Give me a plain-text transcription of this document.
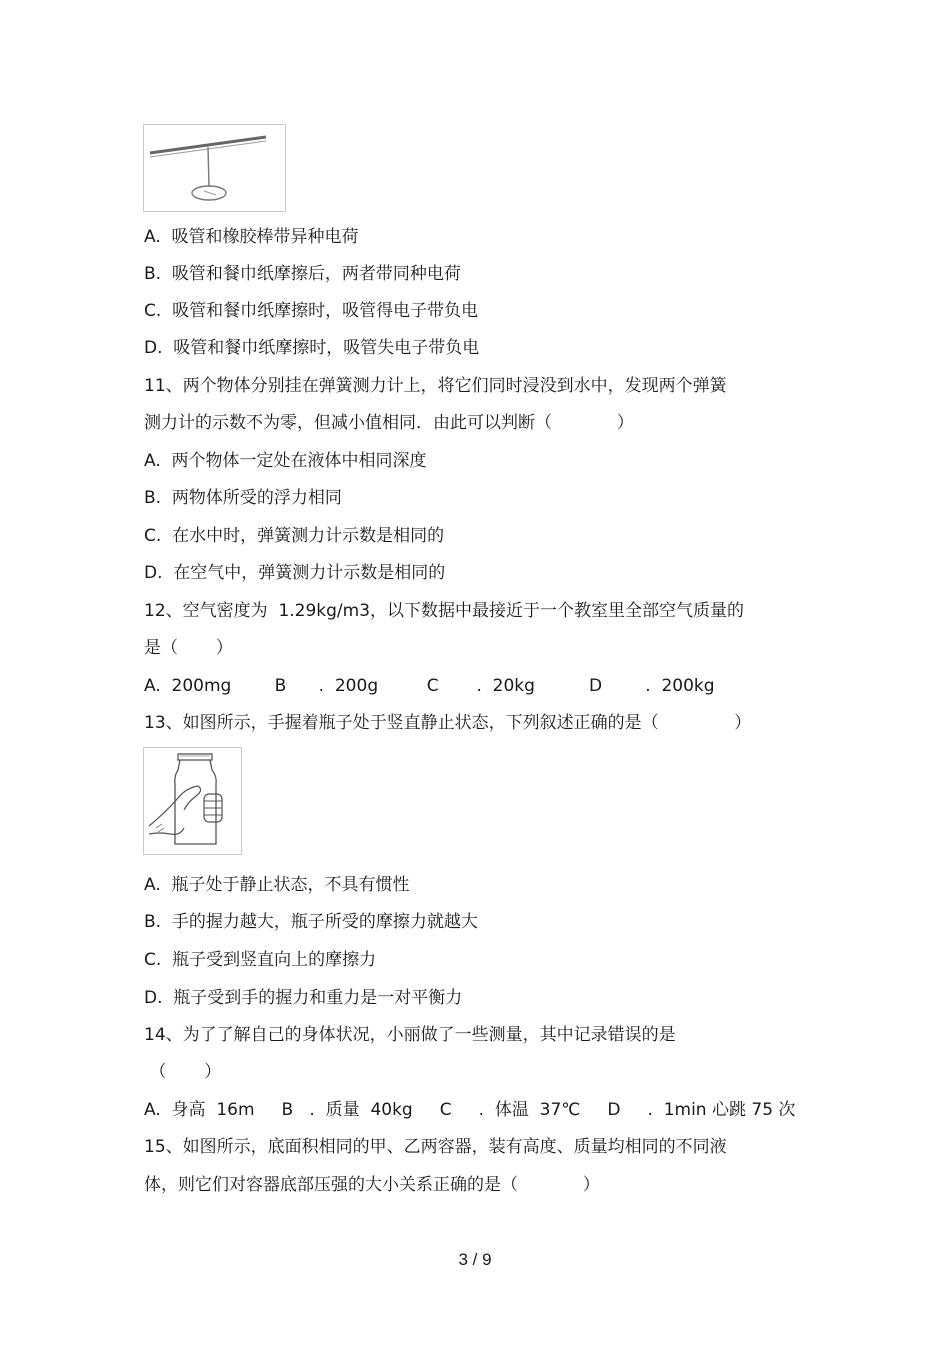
A.  吸管和橡胶棒带异种电荷
B.  吸管和餐巾纸摩擦后，两者带同种电荷
C.  吸管和餐巾纸摩擦时，吸管得电子带负电
D.  吸管和餐巾纸摩擦时，吸管失电子带负电
11、两个物体分别挂在弹簧测力计上，将它们同时浸没到水中，发现两个弹簧
测力计的示数不为零，但减小值相同．由此可以判断（            ）
A.  两个物体一定处在液体中相同深度
B.  两物体所受的浮力相同
C.  在水中时，弹簧测力计示数是相同的
D.  在空气中，弹簧测力计示数是相同的
12、空气密度为  1.29kg/m3，以下数据中最接近于一个教室里全部空气质量的
是（       ）
A.  200mg        B      .  200g         C       .  20kg          D        .  200kg
13、如图所示，手握着瓶子处于竖直静止状态，下列叙述正确的是（              ）
A.  瓶子处于静止状态，不具有惯性
B.  手的握力越大，瓶子所受的摩擦力就越大
C.  瓶子受到竖直向上的摩擦力
D.  瓶子受到手的握力和重力是一对平衡力
14、为了了解自己的身体状况，小丽做了一些测量，其中记录错误的是
（       ）
A.  身高  16m     B   .  质量  40kg     C     .  体温  37℃     D     .  1min 心跳 75 次
15、如图所示，底面积相同的甲、乙两容器，装有高度、质量均相同的不同液
体，则它们对容器底部压强的大小关系正确的是（            ）
3 / 9
